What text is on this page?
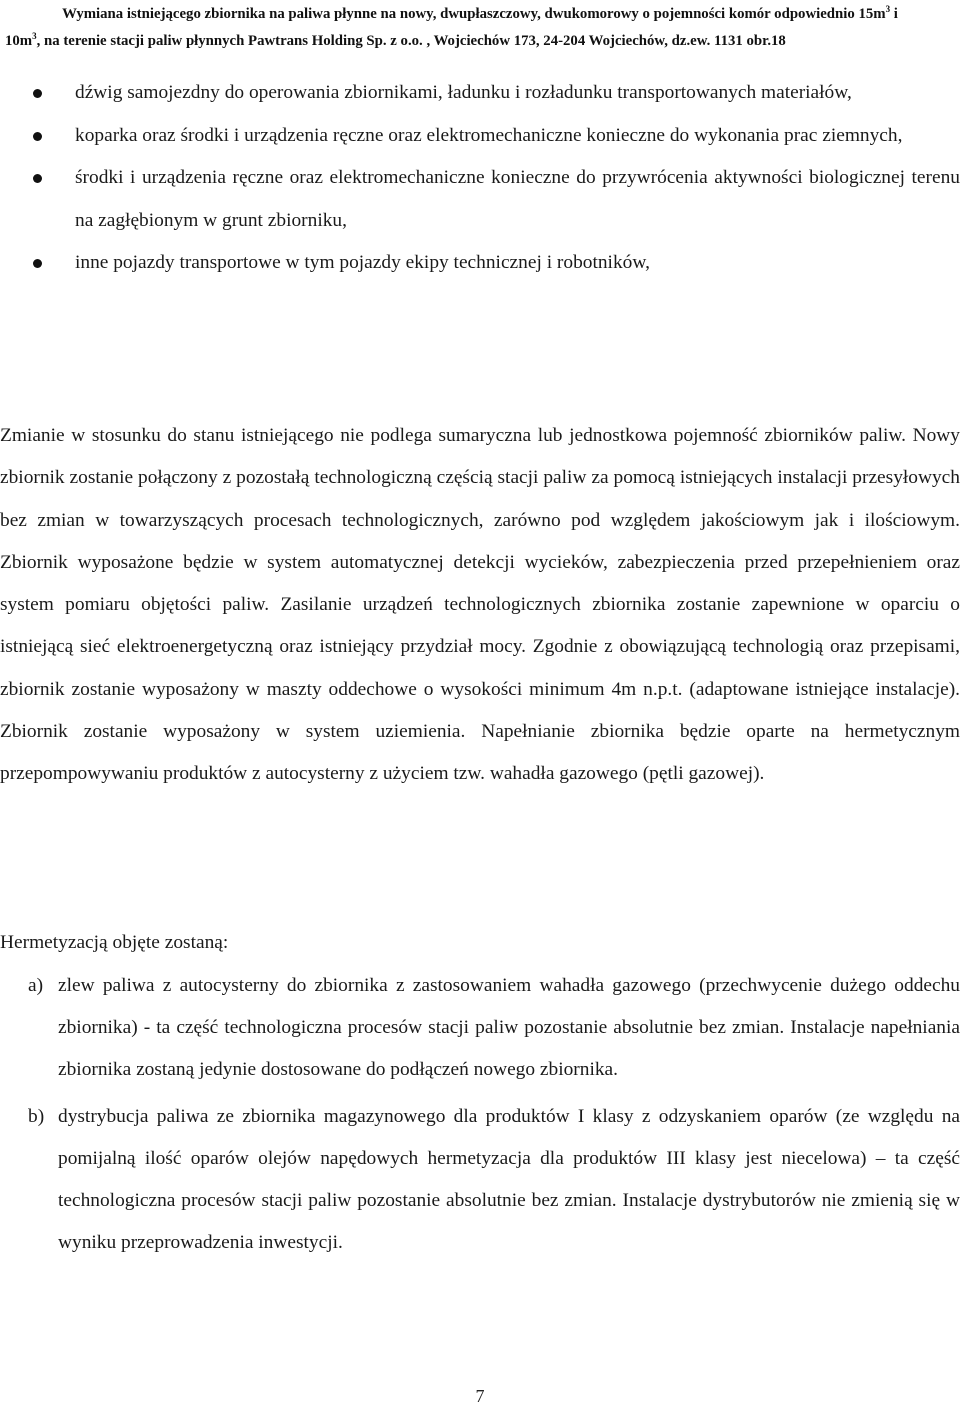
Wymiana istniejącego zbiornika na paliwa płynne na nowy, dwupłaszczowy, dwukomorowy o pojemności komór odpowiednio $15m^3$ i
$10m^3$, na terenie stacji paliw płynnych Pawtrans Holding Sp. z o.o. , Wojciechów 173, 24-204 Wojciechów, dz.ew. 1131 obr.18
dźwig samojezdny do operowania zbiornikami, ładunku i rozładunku transportowanych materiałów,
koparka oraz środki i urządzenia ręczne oraz elektromechaniczne konieczne do wykonania prac ziemnych,
środki i urządzenia ręczne oraz elektromechaniczne konieczne do przywrócenia aktywności biologicznej terenu na zagłębionym w grunt zbiorniku,
inne pojazdy transportowe w tym pojazdy ekipy technicznej i robotników,

Zmianie w stosunku do stanu istniejącego nie podlega sumaryczna lub jednostkowa pojemność zbiorników paliw. Nowy zbiornik zostanie połączony z pozostałą technologiczną częścią stacji paliw za pomocą istniejących instalacji przesyłowych bez zmian w towarzyszących procesach technologicznych, zarówno pod względem jakościowym jak i ilościowym. Zbiornik wyposażone będzie w system automatycznej detekcji wycieków, zabezpieczenia przed przepełnieniem oraz system pomiaru objętości paliw. Zasilanie urządzeń technologicznych zbiornika zostanie zapewnione w oparciu o istniejącą sieć elektroenergetyczną oraz istniejący przydział mocy. Zgodnie z obowiązującą technologią oraz przepisami, zbiornik zostanie wyposażony w maszty oddechowe o wysokości minimum 4m n.p.t. (adaptowane istniejące instalacje). Zbiornik zostanie wyposażony w system uziemienia. Napełnianie zbiornika będzie oparte na hermetycznym przepompowywaniu produktów z autocysterny z użyciem tzw. wahadła gazowego (pętli gazowej).

Hermetyzacją objęte zostaną:

a) zlew paliwa z autocysterny do zbiornika z zastosowaniem wahadła gazowego (przechwycenie dużego oddechu zbiornika) - ta część technologiczna procesów stacji paliw pozostanie absolutnie bez zmian. Instalacje napełniania zbiornika zostaną jedynie dostosowane do podłączeń nowego zbiornika.
b) dystrybucja paliwa ze zbiornika magazynowego dla produktów I klasy z odzyskaniem oparów (ze względu na pomijalną ilość oparów olejów napędowych hermetyzacja dla produktów III klasy jest niecelowa) – ta część technologiczna procesów stacji paliw pozostanie absolutnie bez zmian. Instalacje dystrybutorów nie zmienią się w wyniku przeprowadzenia inwestycji.
7
